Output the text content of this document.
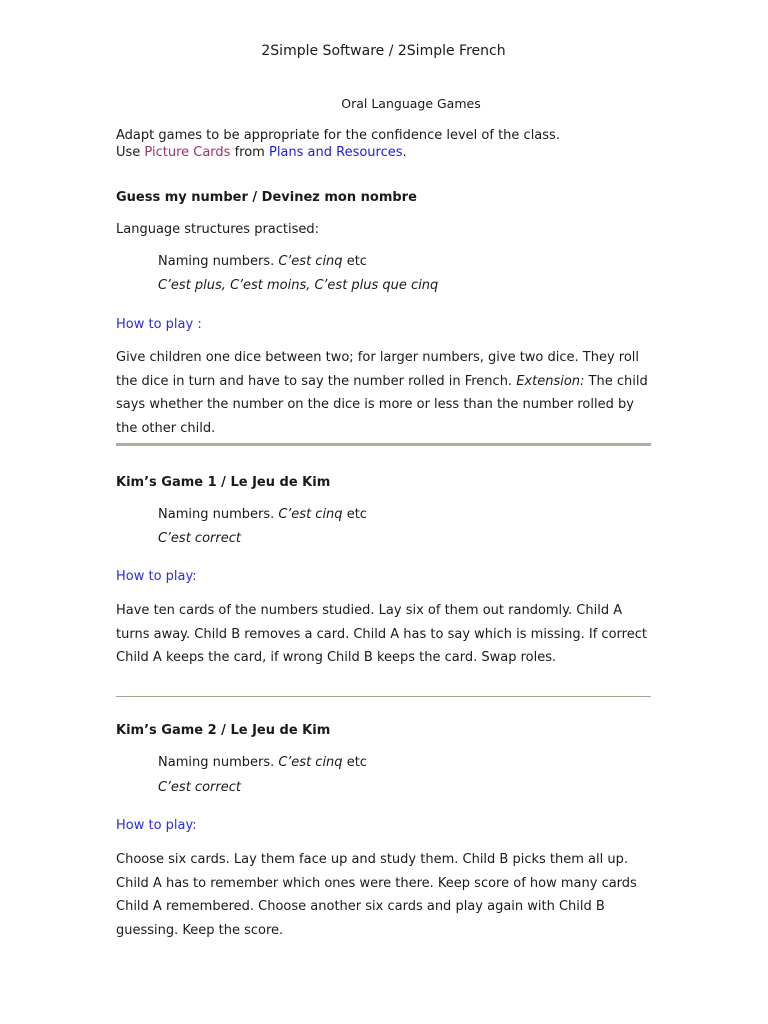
2Simple Software / 2Simple French
Oral Language Games
Adapt games to be appropriate for the confidence level of the class.
Use Picture Cards from Plans and Resources.
Guess my number / Devinez mon nombre
Language structures practised:
Naming numbers. C’est cinq etc
C’est plus, C’est moins, C’est plus que cinq
How to play :
Give children one dice between two; for larger numbers, give two dice. They roll the dice in turn and have to say the number rolled in French. Extension: The child says whether the number on the dice is more or less than the number rolled by the other child.
Kim’s Game 1 / Le Jeu de Kim
Naming numbers. C’est cinq etc
C’est correct
How to play:
Have ten cards of the numbers studied. Lay six of them out randomly. Child A turns away. Child B removes a card. Child A has to say which is missing. If correct Child A keeps the card, if wrong Child B keeps the card. Swap roles.
Kim’s Game 2 / Le Jeu de Kim
Naming numbers. C’est cinq etc
C’est correct
How to play:
Choose six cards. Lay them face up and study them. Child B picks them all up. Child A has to remember which ones were there. Keep score of how many cards Child A remembered. Choose another six cards and play again with Child B guessing. Keep the score.
